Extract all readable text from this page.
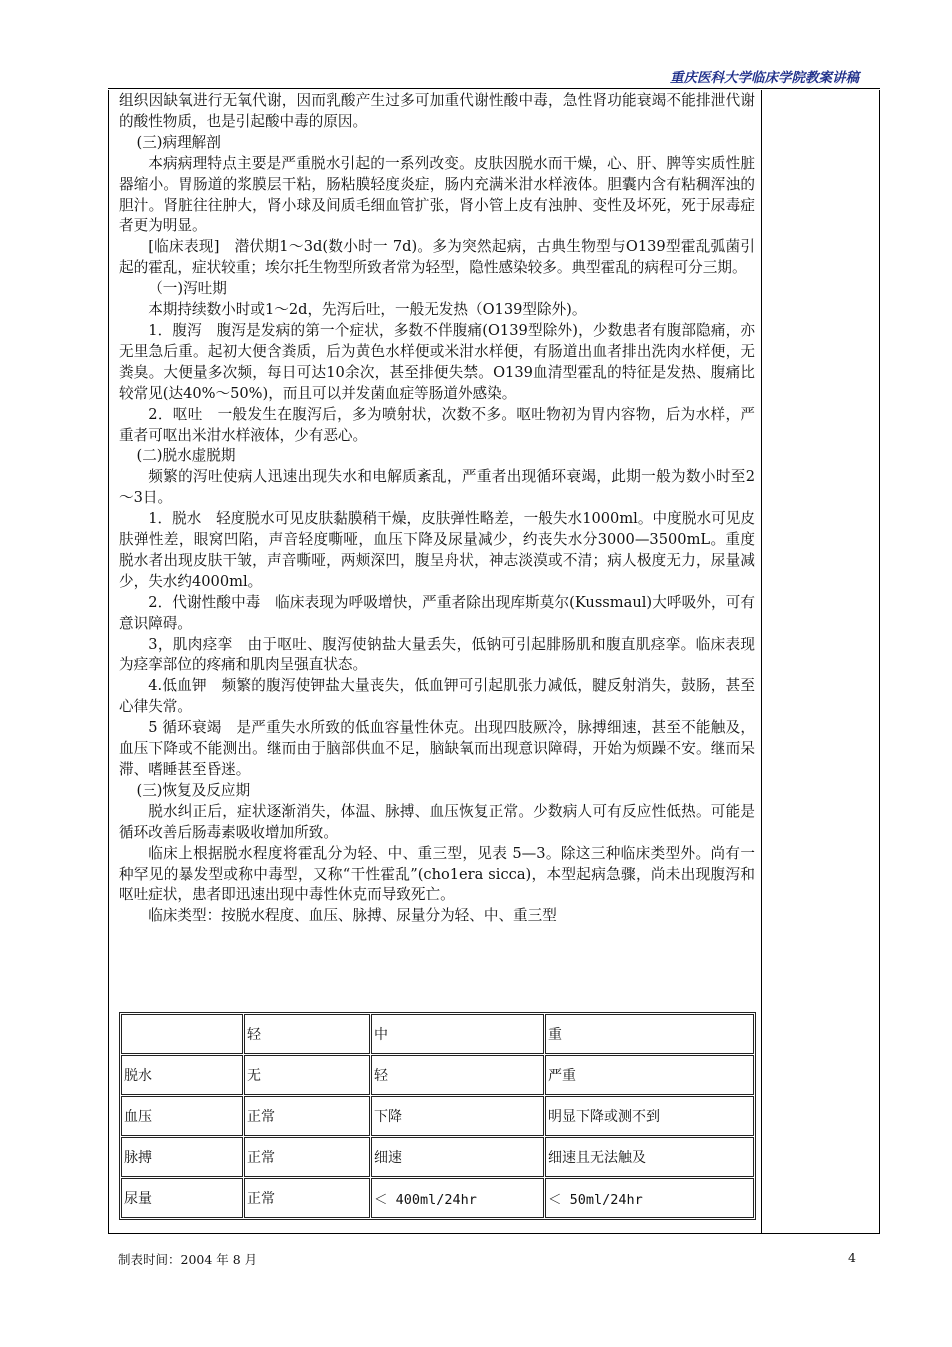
重庆医科大学临床学院教案讲稿

组织因缺氧进行无氧代谢，因而乳酸产生过多可加重代谢性酸中毒，急性肾功能衰竭不能排泄代谢的酸性物质，也是引起酸中毒的原因。

(三)病理解剖

本病病理特点主要是严重脱水引起的一系列改变。皮肤因脱水而干燥，心、肝、脾等实质性脏器缩小。胃肠道的浆膜层干粘，肠粘膜轻度炎症，肠内充满米泔水样液体。胆囊内含有粘稠浑浊的胆汁。肾脏往往肿大，肾小球及间质毛细血管扩张，肾小管上皮有浊肿、变性及坏死，死于尿毒症者更为明显。

[临床表现]　潜伏期1～3d(数小时一 7d)。多为突然起病，古典生物型与O139型霍乱弧菌引起的霍乱，症状较重；埃尔托生物型所致者常为轻型，隐性感染较多。典型霍乱的病程可分三期。

（一)泻吐期

本期持续数小时或1～2d，先泻后吐，一般无发热（O139型除外)。

1．腹泻　腹泻是发病的第一个症状，多数不伴腹痛(O139型除外)，少数患者有腹部隐痛，亦无里急后重。起初大便含粪质，后为黄色水样便或米泔水样便，有肠道出血者排出洗肉水样便，无粪臭。大便量多次频，每日可达10余次，甚至排便失禁。O139血清型霍乱的特征是发热、腹痛比较常见(达40%～50%)，而且可以并发菌血症等肠道外感染。

2．呕吐　一般发生在腹泻后，多为喷射状，次数不多。呕吐物初为胃内容物，后为水样，严重者可呕出米泔水样液体，少有恶心。

(二)脱水虚脱期

频繁的泻吐使病人迅速出现失水和电解质紊乱，严重者出现循环衰竭，此期一般为数小时至2～3日。

1．脱水　轻度脱水可见皮肤黏膜稍干燥，皮肤弹性略差，一般失水1000ml。中度脱水可见皮肤弹性差，眼窝凹陷，声音轻度嘶哑，血压下降及尿量减少，约丧失水分3000—3500mL。重度脱水者出现皮肤干皱，声音嘶哑，两颊深凹，腹呈舟状，神志淡漠或不清；病人极度无力，尿量减少，失水约4000ml。

2．代谢性酸中毒　临床表现为呼吸增快，严重者除出现库斯莫尔(Kussmaul)大呼吸外，可有意识障碍。

3，肌肉痉挛　由于呕吐、腹泻使钠盐大量丢失，低钠可引起腓肠肌和腹直肌痉挛。临床表现为痉挛部位的疼痛和肌肉呈强直状态。

4.低血钾　频繁的腹泻使钾盐大量丧失，低血钾可引起肌张力减低，腱反射消失，鼓肠，甚至心律失常。

5 循环衰竭　是严重失水所致的低血容量性休克。出现四肢厥冷，脉搏细速，甚至不能触及，血压下降或不能测出。继而由于脑部供血不足，脑缺氧而出现意识障碍，开始为烦躁不安。继而呆滞、嗜睡甚至昏迷。

(三)恢复及反应期

脱水纠正后，症状逐渐消失，体温、脉搏、血压恢复正常。少数病人可有反应性低热。可能是循环改善后肠毒素吸收增加所致。

临床上根据脱水程度将霍乱分为轻、中、重三型，见表 5—3。除这三种临床类型外。尚有一种罕见的暴发型或称中毒型，又称“干性霍乱”(cho1era sicca)，本型起病急骤，尚未出现腹泻和呕吐症状，患者即迅速出现中毒性休克而导致死亡。

临床类型：按脱水程度、血压、脉搏、尿量分为轻、中、重三型

	轻	中	重
脱水	无	轻	严重
血压	正常	下降	明显下降或测不到
脉搏	正常	细速	细速且无法触及
尿量	正常	＜ 400ml/24hr	＜ 50ml/24hr
制表时间：2004 年 8 月	4
